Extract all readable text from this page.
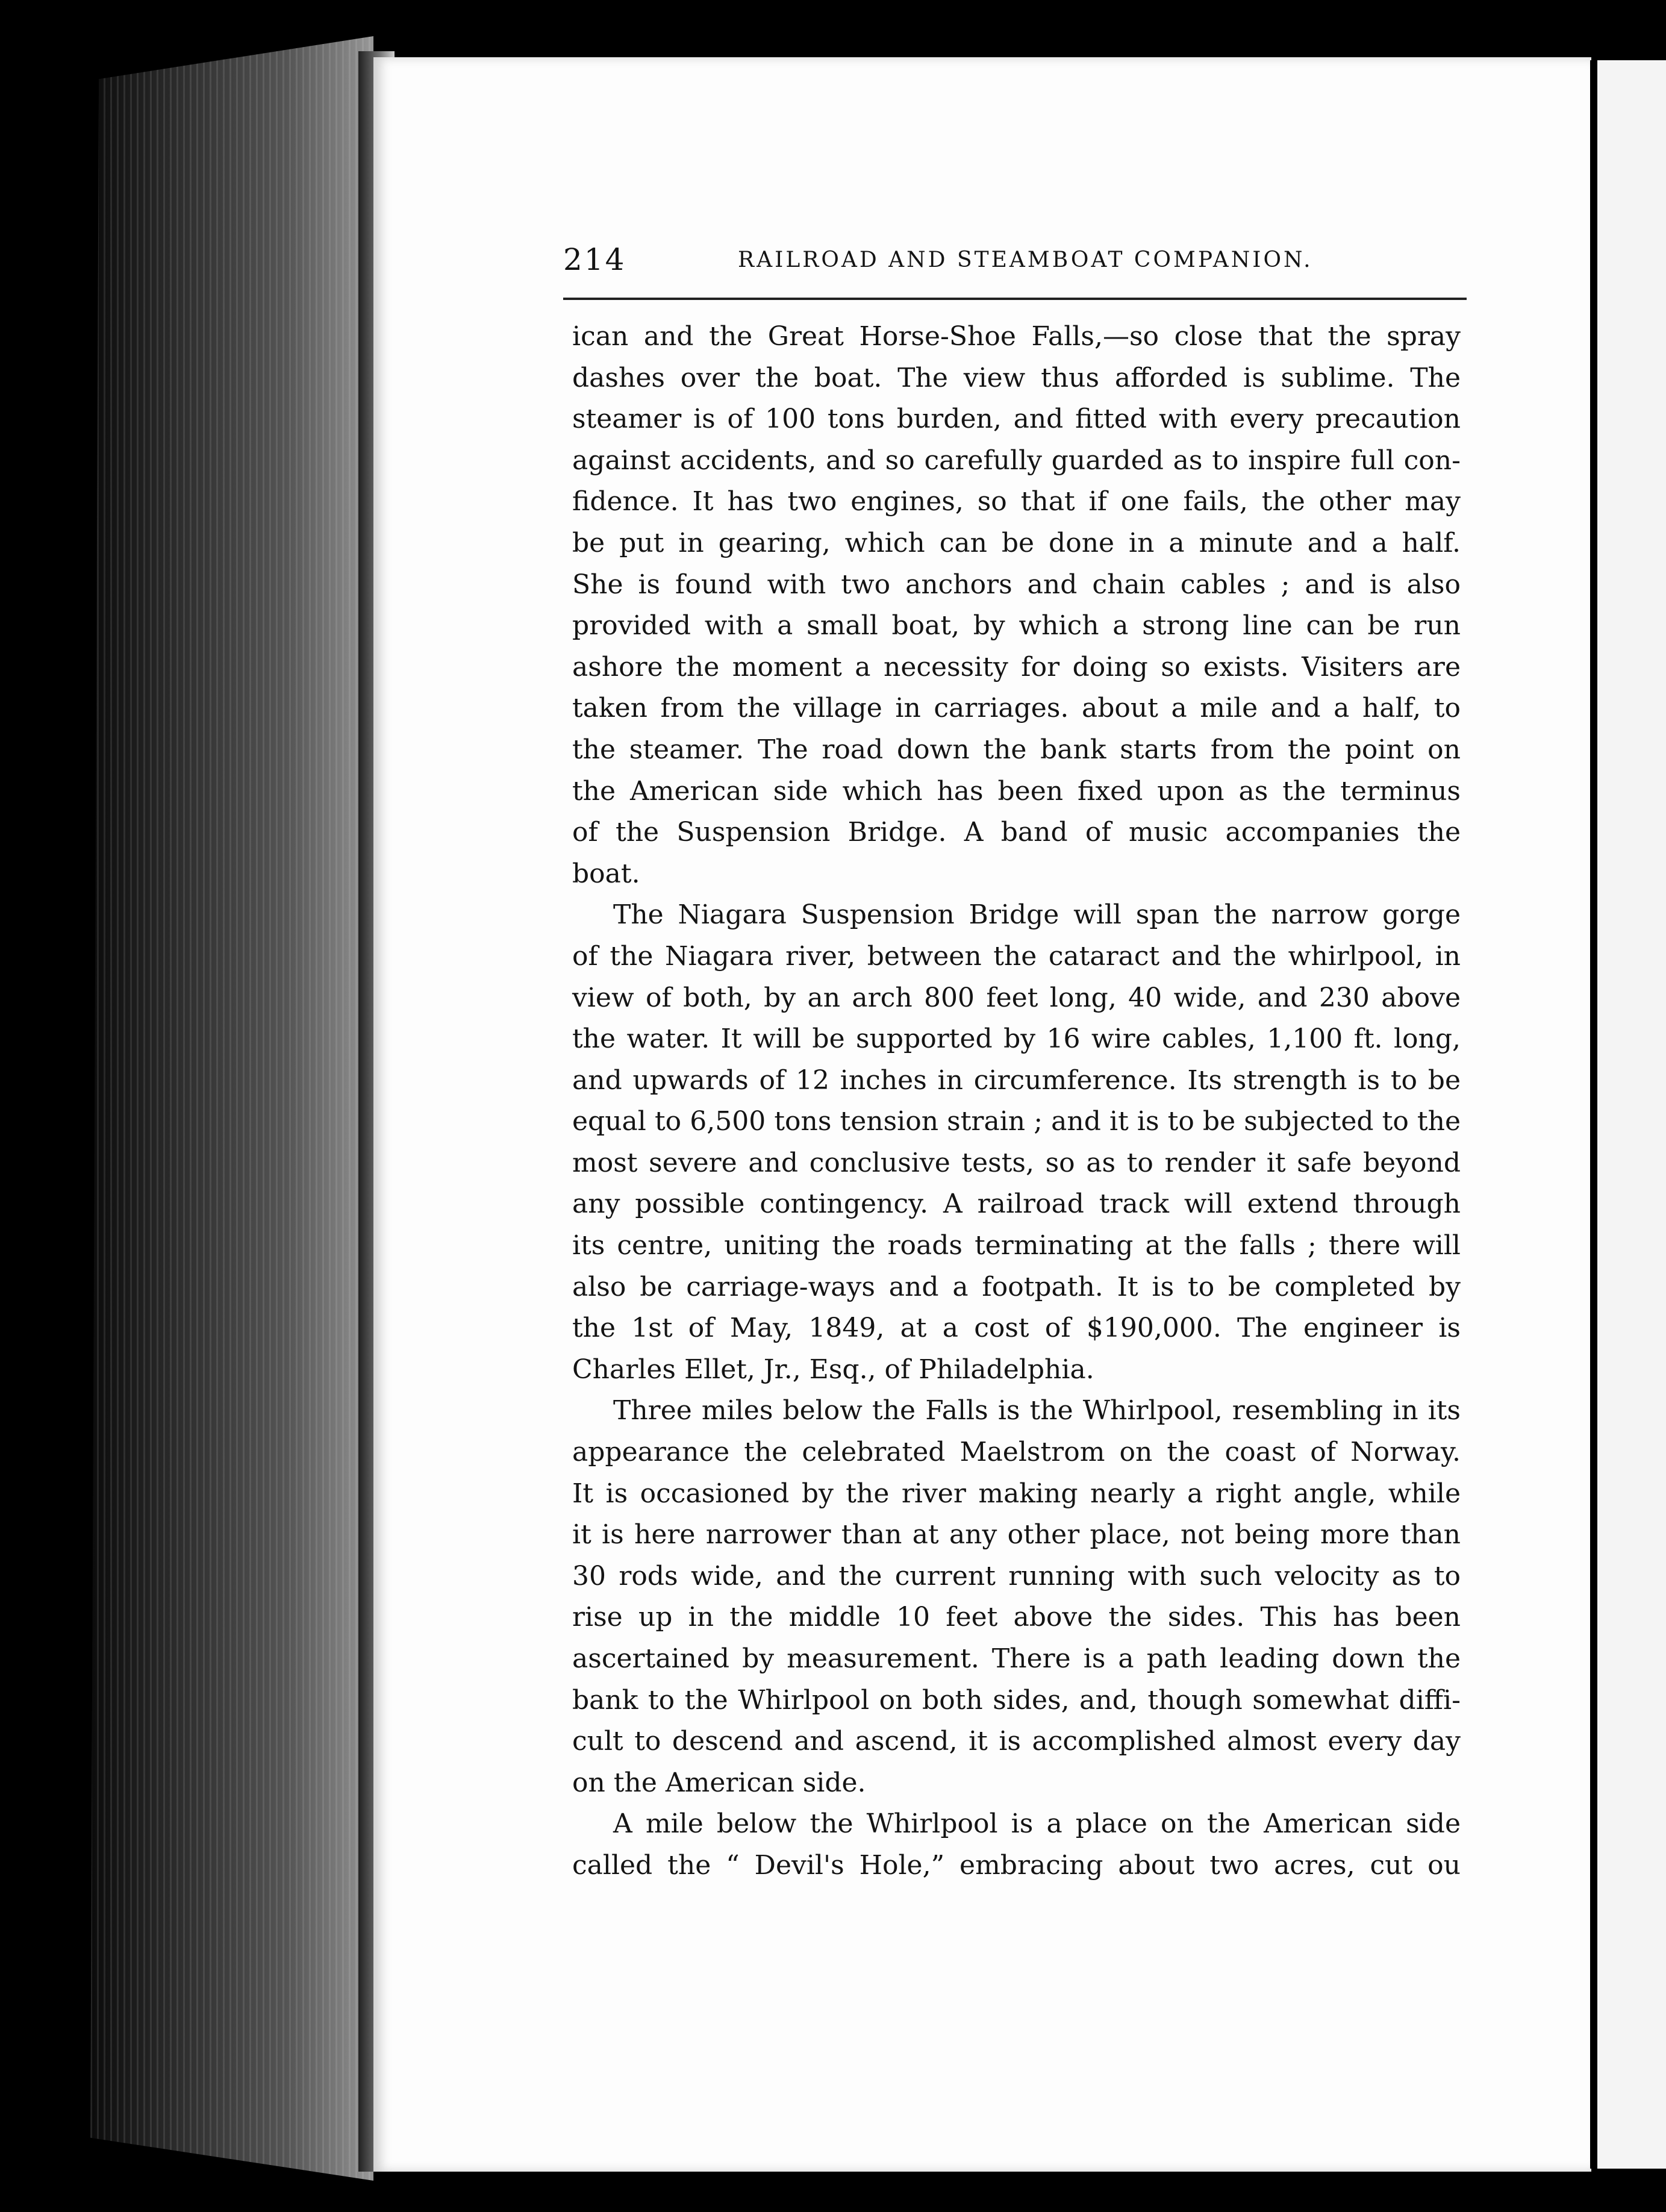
214	RAILROAD AND STEAMBOAT COMPANION.
ican and the Great Horse-Shoe Falls,—so close that the spray
dashes over the boat. The view thus afforded is sublime. The
steamer is of 100 tons burden, and fitted with every precaution
against accidents, and so carefully guarded as to inspire full con-
fidence. It has two engines, so that if one fails, the other may
be put in gearing, which can be done in a minute and a half.
She is found with two anchors and chain cables ; and is also
provided with a small boat, by which a strong line can be run
ashore the moment a necessity for doing so exists. Visiters are
taken from the village in carriages. about a mile and a half, to
the steamer. The road down the bank starts from the point on
the American side which has been fixed upon as the terminus
of the Suspension Bridge. A band of music accompanies the
boat.
The Niagara Suspension Bridge will span the narrow gorge
of the Niagara river, between the cataract and the whirlpool, in
view of both, by an arch 800 feet long, 40 wide, and 230 above
the water. It will be supported by 16 wire cables, 1,100 ft. long,
and upwards of 12 inches in circumference. Its strength is to be
equal to 6,500 tons tension strain ; and it is to be subjected to the
most severe and conclusive tests, so as to render it safe beyond
any possible contingency. A railroad track will extend through
its centre, uniting the roads terminating at the falls ; there will
also be carriage-ways and a footpath. It is to be completed by
the 1st of May, 1849, at a cost of $190,000. The engineer is
Charles Ellet, Jr., Esq., of Philadelphia.
Three miles below the Falls is the Whirlpool, resembling in its
appearance the celebrated Maelstrom on the coast of Norway.
It is occasioned by the river making nearly a right angle, while
it is here narrower than at any other place, not being more than
30 rods wide, and the current running with such velocity as to
rise up in the middle 10 feet above the sides. This has been
ascertained by measurement. There is a path leading down the
bank to the Whirlpool on both sides, and, though somewhat diffi-
cult to descend and ascend, it is accomplished almost every day
on the American side.
A mile below the Whirlpool is a place on the American side
called the “ Devil's Hole,” embracing about two acres, cut ou
